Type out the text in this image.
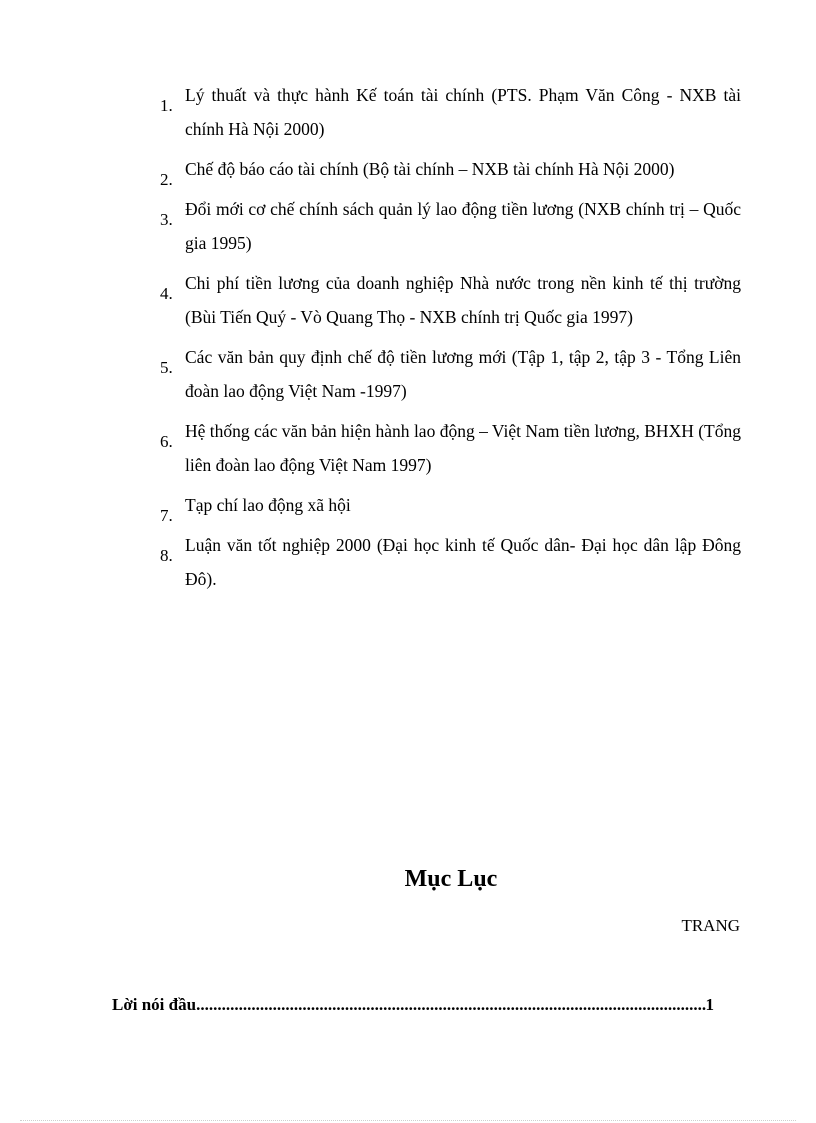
1.
Lý thuất và thực hành Kế toán tài chính (PTS. Phạm Văn Công - NXB tài chính Hà Nội 2000)
2.
Chế độ báo cáo tài chính (Bộ tài chính – NXB tài chính Hà Nội 2000)
3.
Đổi mới cơ chế chính sách quản lý lao động tiền lương (NXB chính trị – Quốc gia 1995)
4.
Chi phí tiền lương của doanh nghiệp Nhà nước trong nền kinh tế thị trường (Bùi Tiến Quý - Vò Quang Thọ - NXB chính trị Quốc gia 1997)
5.
Các văn bản quy định chế độ tiền lương mới (Tập 1, tập 2, tập 3 - Tổng Liên đoàn lao động Việt Nam -1997)
6.
Hệ thống các văn bản hiện hành lao động – Việt Nam tiền lương, BHXH (Tổng liên đoàn lao động Việt Nam 1997)
7.
Tạp chí lao động xã hội
8.
Luận văn tốt nghiệp 2000 (Đại học kinh tế Quốc dân- Đại học dân lập Đông Đô).
Mục Lục
TRANG
Lời nói đầu
.....	1
